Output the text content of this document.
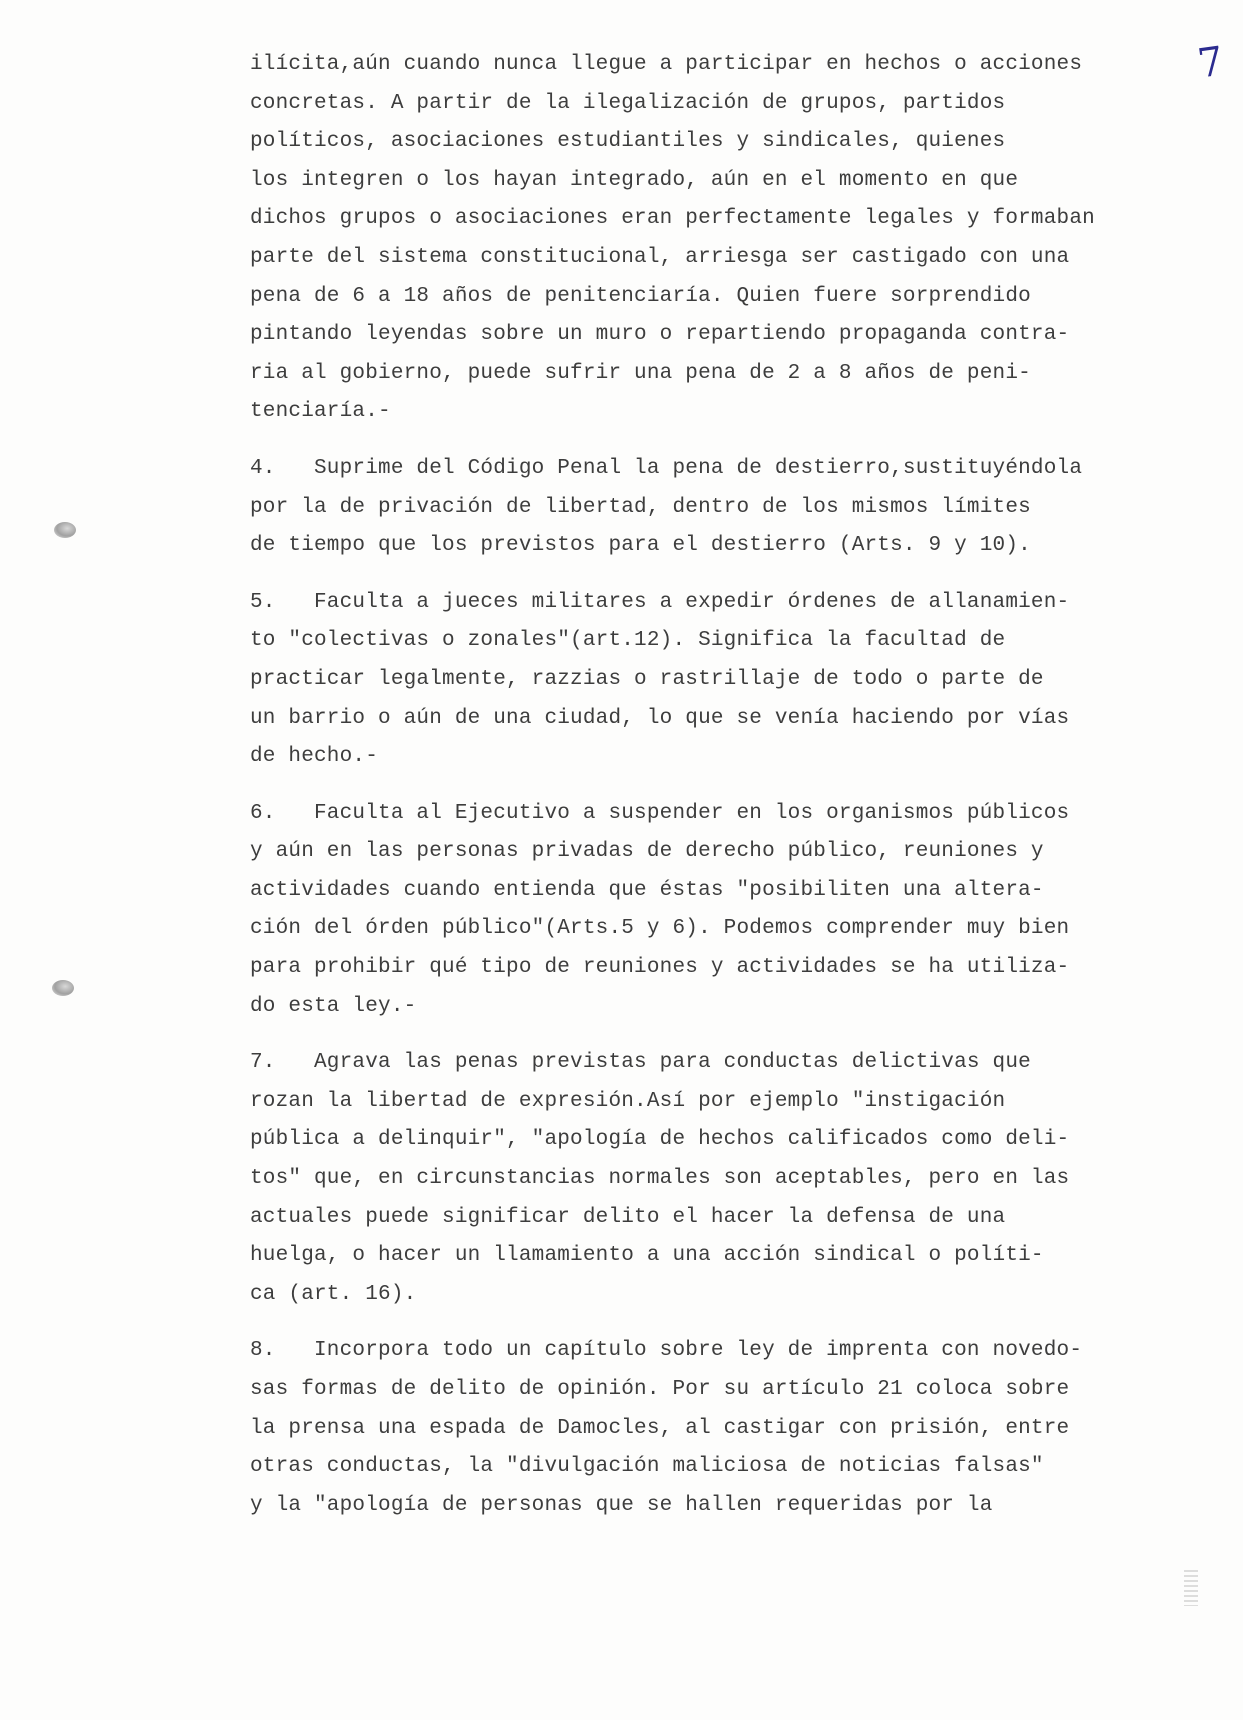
7
ilícita,aún cuando nunca llegue a participar en hechos o acciones
concretas. A partir de la ilegalización de grupos, partidos
políticos, asociaciones estudiantiles y sindicales, quienes
los integren o los hayan integrado, aún en el momento en que
dichos grupos o asociaciones eran perfectamente legales y formaban
parte del sistema constitucional, arriesga ser castigado con una
pena de 6 a 18 años de penitenciaría. Quien fuere sorprendido
pintando leyendas sobre un muro o repartiendo propaganda contra-
ria al gobierno, puede sufrir una pena de 2 a 8 años de peni-
tenciaría.-
4.   Suprime del Código Penal la pena de destierro,sustituyéndola
por la de privación de libertad, dentro de los mismos límites
de tiempo que los previstos para el destierro (Arts. 9 y 10).
5.   Faculta a jueces militares a expedir órdenes de allanamien-
to "colectivas o zonales"(art.12). Significa la facultad de
practicar legalmente, razzias o rastrillaje de todo o parte de
un barrio o aún de una ciudad, lo que se venía haciendo por vías
de hecho.-
6.   Faculta al Ejecutivo a suspender en los organismos públicos
y aún en las personas privadas de derecho público, reuniones y
actividades cuando entienda que éstas "posibiliten una altera-
ción del órden público"(Arts.5 y 6). Podemos comprender muy bien
para prohibir qué tipo de reuniones y actividades se ha utiliza-
do esta ley.-
7.   Agrava las penas previstas para conductas delictivas que
rozan la libertad de expresión.Así por ejemplo "instigación
pública a delinquir", "apología de hechos calificados como deli-
tos" que, en circunstancias normales son aceptables, pero en las
actuales puede significar delito el hacer la defensa de una
huelga, o hacer un llamamiento a una acción sindical o políti-
ca (art. 16).
8.   Incorpora todo un capítulo sobre ley de imprenta con novedo-
sas formas de delito de opinión. Por su artículo 21 coloca sobre
la prensa una espada de Damocles, al castigar con prisión, entre
otras conductas, la "divulgación maliciosa de noticias falsas"
y la "apología de personas que se hallen requeridas por la
